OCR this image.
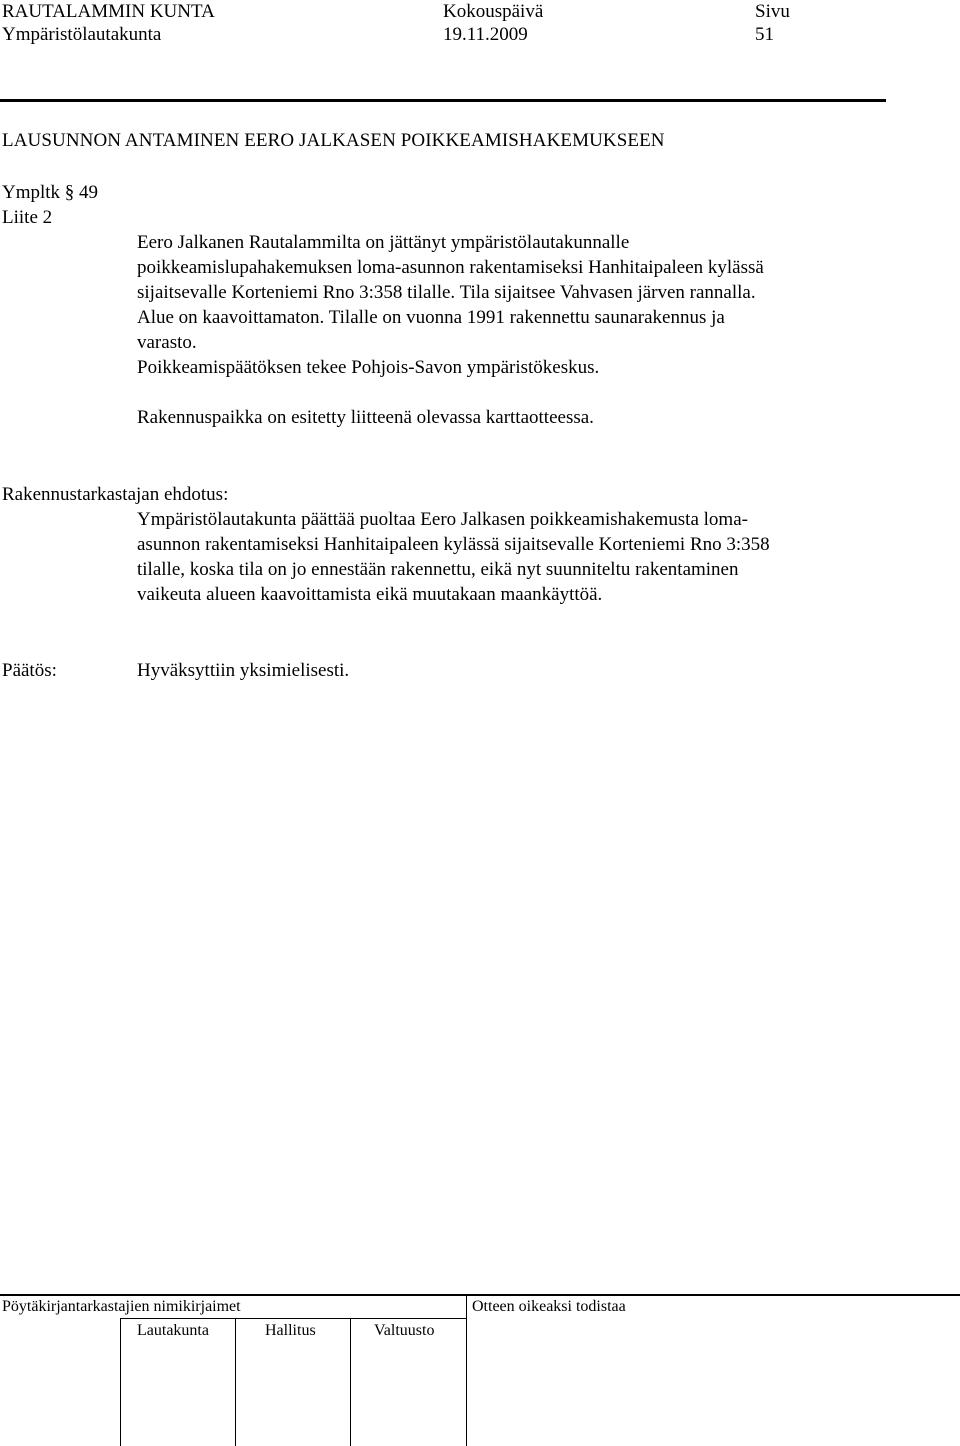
RAUTALAMMIN KUNTA
Ympäristölautakunta
Kokouspäivä
19.11.2009
Sivu
51
LAUSUNNON ANTAMINEN EERO JALKASEN POIKKEAMISHAKEMUKSEEN
Ympltk § 49
Liite 2
Eero Jalkanen Rautalammilta on jättänyt ympäristölautakunnalle
poikkeamislupahakemuksen loma-asunnon rakentamiseksi Hanhitaipaleen kylässä
sijaitsevalle Korteniemi Rno 3:358 tilalle. Tila sijaitsee Vahvasen järven rannalla.
Alue on kaavoittamaton. Tilalle on vuonna 1991 rakennettu saunarakennus ja
varasto.
Poikkeamispäätöksen tekee Pohjois-Savon ympäristökeskus.
Rakennuspaikka on esitetty liitteenä olevassa karttaotteessa.
Rakennustarkastajan ehdotus:
Ympäristölautakunta päättää puoltaa Eero Jalkasen poikkeamishakemusta loma-
asunnon rakentamiseksi Hanhitaipaleen kylässä sijaitsevalle Korteniemi Rno 3:358
tilalle, koska tila on jo ennestään rakennettu, eikä nyt suunniteltu rakentaminen
vaikeuta alueen kaavoittamista eikä muutakaan maankäyttöä.
Päätös:	Hyväksyttiin yksimielisesti.
Pöytäkirjantarkastajien nimikirjaimet
Lautakunta	Hallitus	Valtuusto
Otteen oikeaksi todistaa
